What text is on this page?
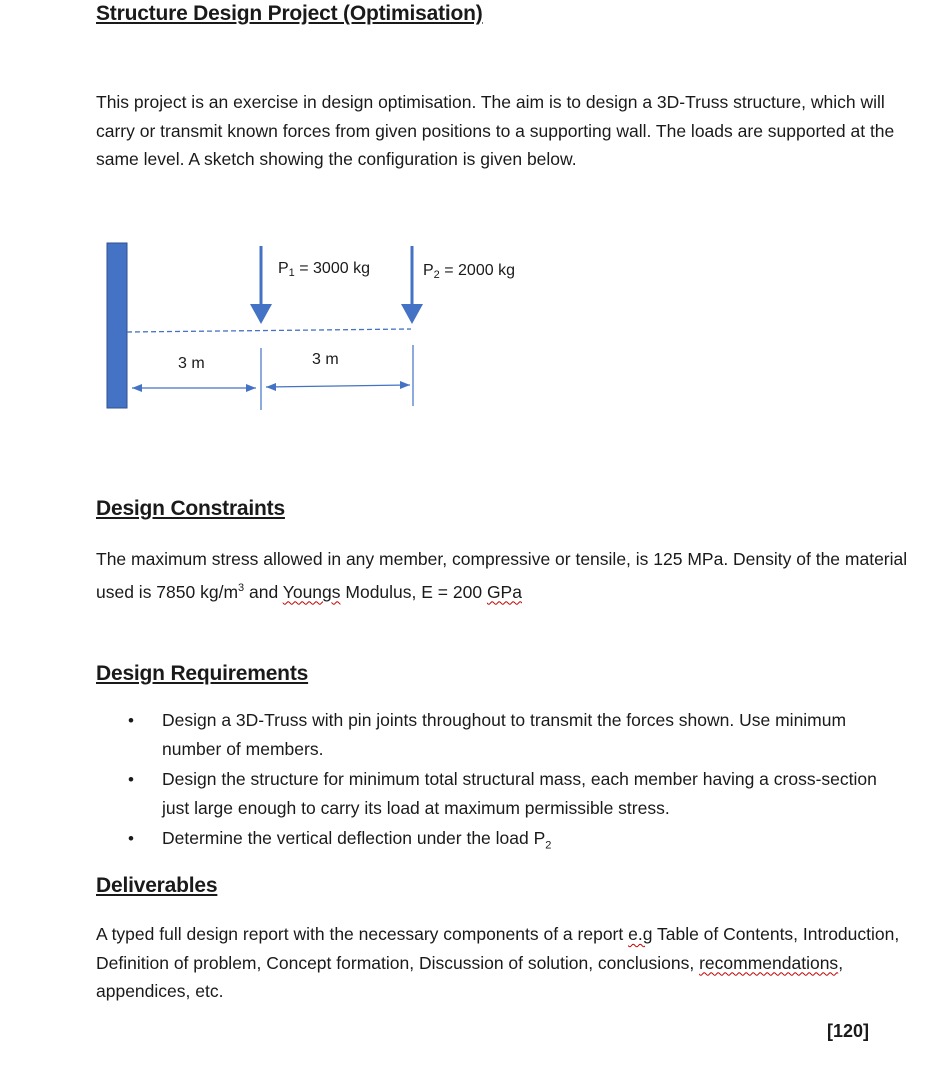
Structure Design Project (Optimisation)
This project is an exercise in design optimisation. The aim is to design a 3D-Truss structure, which will carry or transmit known forces from given positions to a supporting wall. The loads are supported at the same level. A sketch showing the configuration is given below.
P1 = 3000 kg	P2 = 2000 kg
3 m	3 m
Design Constraints
The maximum stress allowed in any member, compressive or tensile, is 125 MPa. Density of the material used is 7850 $kg/m^3$ and Youngs Modulus, E = 200 GPa
Design Requirements
• Design a 3D-Truss with pin joints throughout to transmit the forces shown. Use minimum number of members.
• Design the structure for minimum total structural mass, each member having a cross-section just large enough to carry its load at maximum permissible stress.
• Determine the vertical deflection under the load $P_2$
Deliverables
A typed full design report with the necessary components of a report e.g Table of Contents, Introduction, Definition of problem, Concept formation, Discussion of solution, conclusions, recommendations, appendices, etc.
[120]
